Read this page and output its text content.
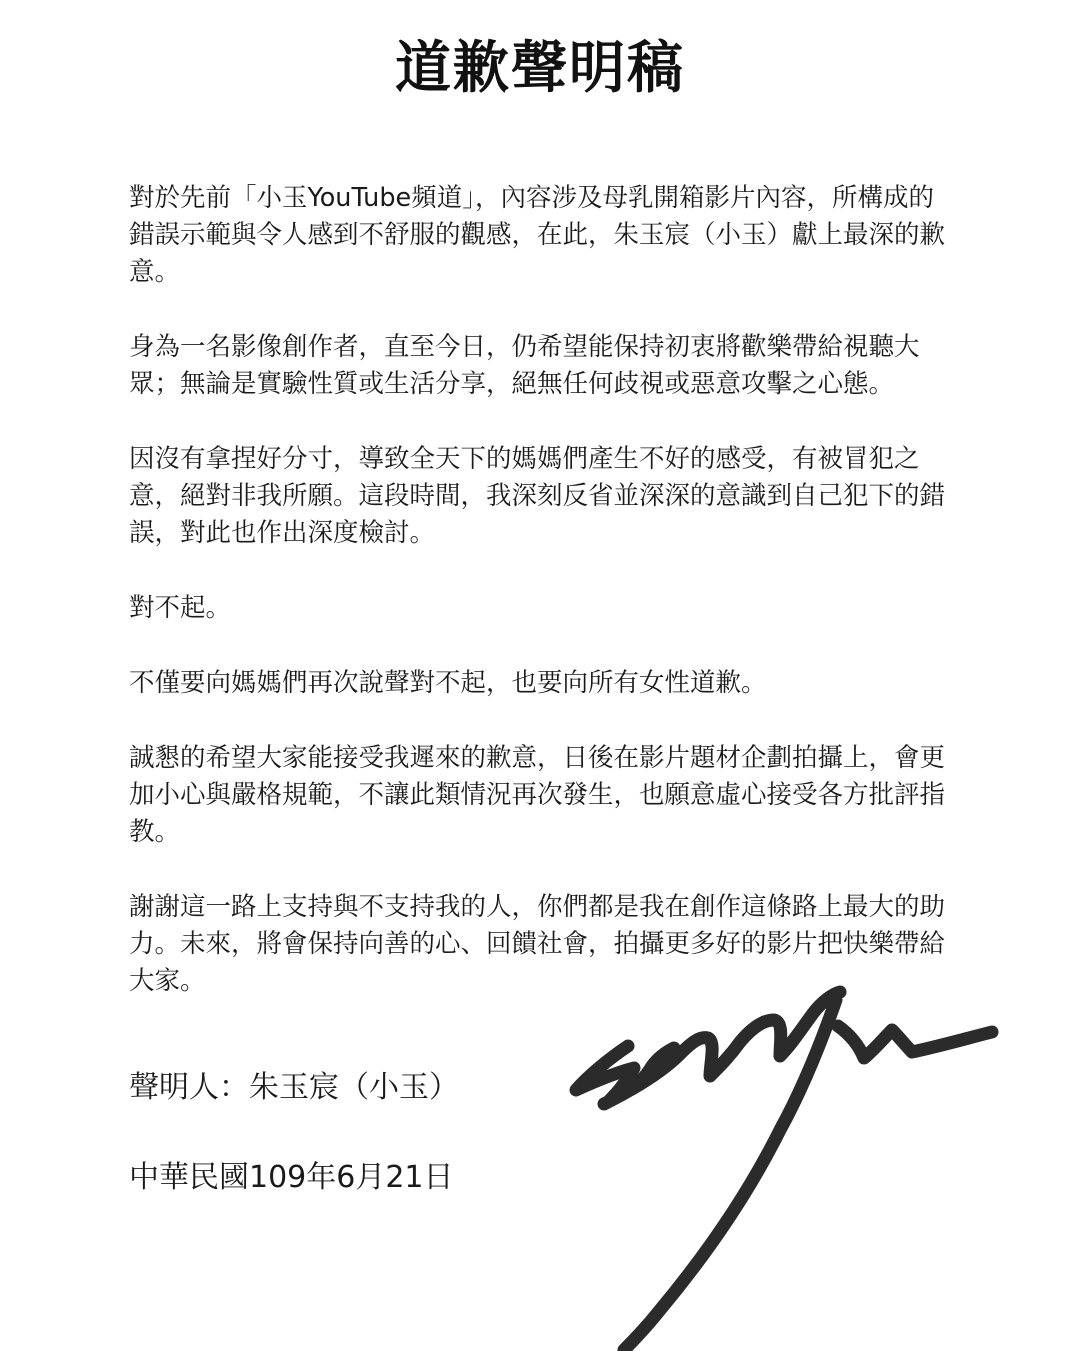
道歉聲明稿

對於先前「小玉YouTube頻道」，內容涉及母乳開箱影片內容，所構成的錯誤示範與令人感到不舒服的觀感，在此，朱玉宸（小玉）獻上最深的歉意。

身為一名影像創作者，直至今日，仍希望能保持初衷將歡樂帶給視聽大眾；無論是實驗性質或生活分享，絕無任何歧視或惡意攻擊之心態。

因沒有拿捏好分寸，導致全天下的媽媽們產生不好的感受，有被冒犯之意，絕對非我所願。這段時間，我深刻反省並深深的意識到自己犯下的錯誤，對此也作出深度檢討。

對不起。

不僅要向媽媽們再次說聲對不起，也要向所有女性道歉。

誠懇的希望大家能接受我遲來的歉意，日後在影片題材企劃拍攝上，會更加小心與嚴格規範，不讓此類情況再次發生，也願意虛心接受各方批評指教。

謝謝這一路上支持與不支持我的人，你們都是我在創作這條路上最大的助力。未來，將會保持向善的心、回饋社會，拍攝更多好的影片把快樂帶給大家。

聲明人：朱玉宸（小玉）
中華民國109年6月21日
